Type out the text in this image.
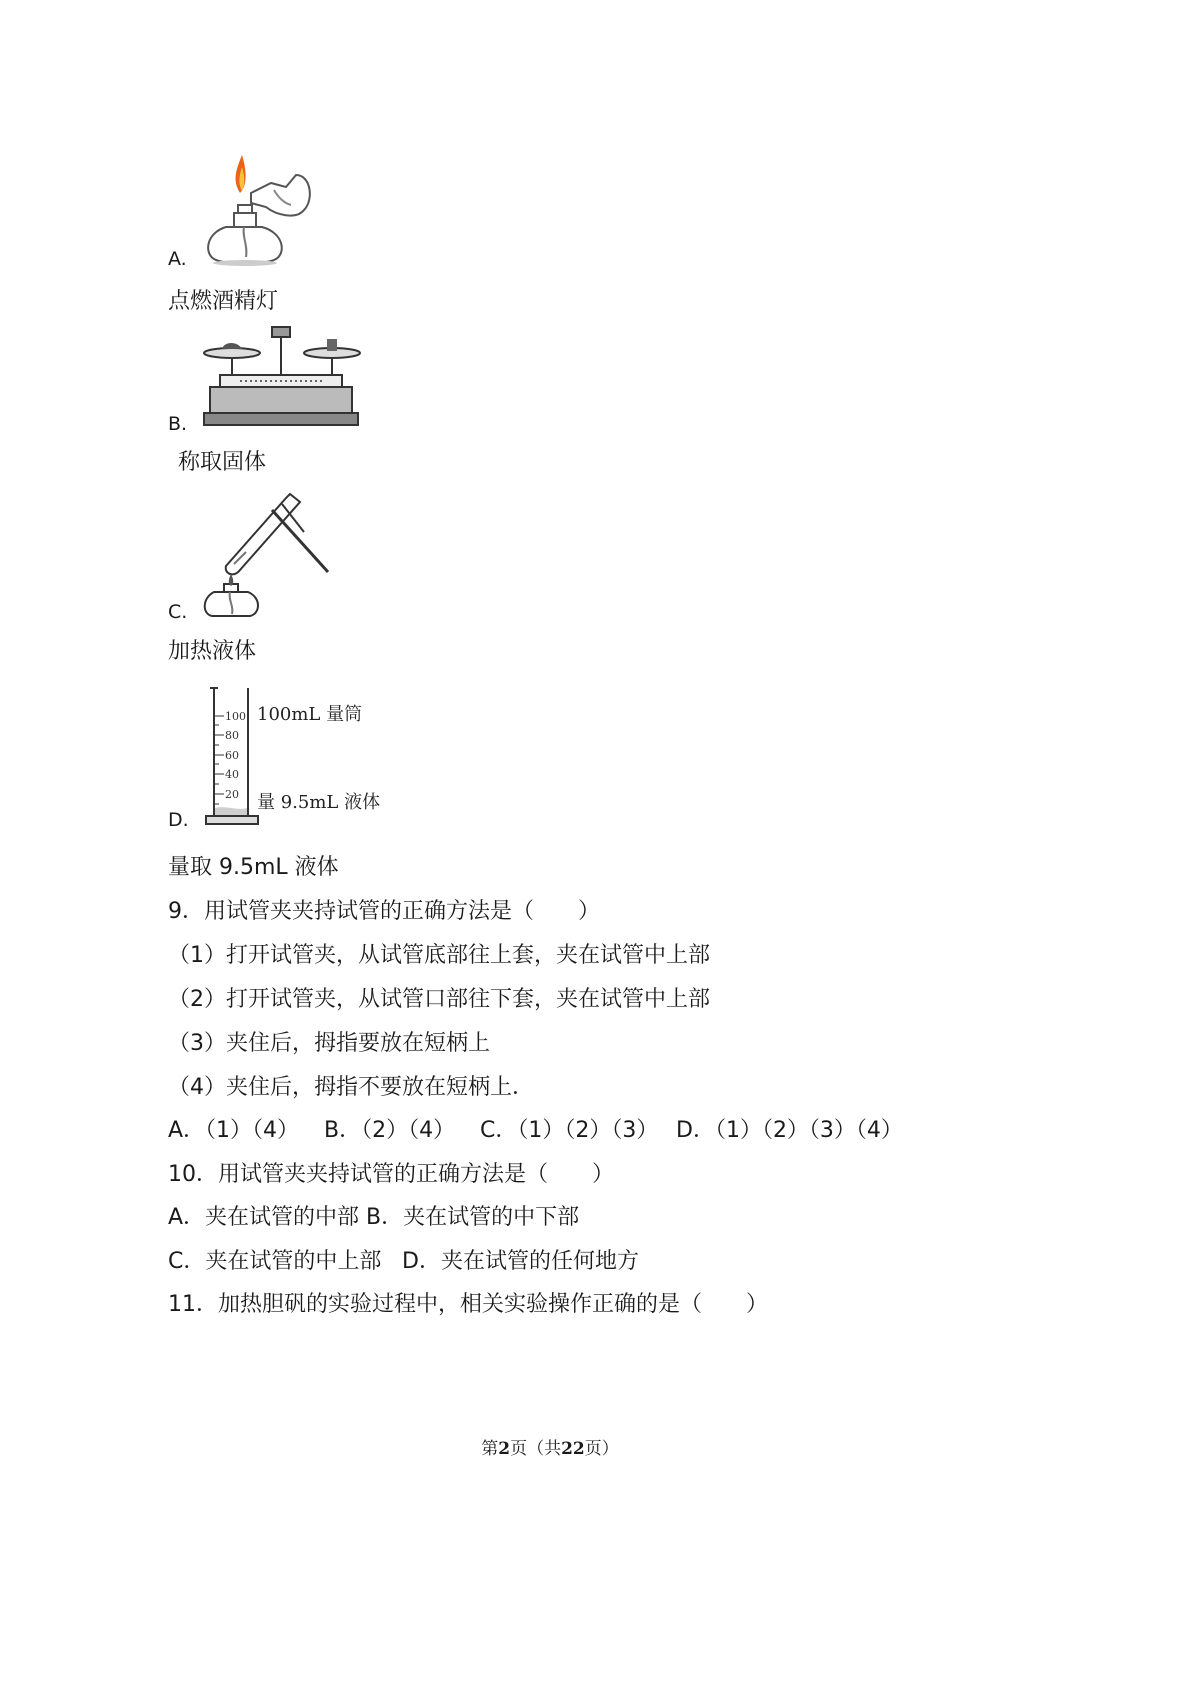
A.
点燃酒精灯
B.
称取固体
C.
加热液体
100
80
60
40
20
100mL 量筒
量 9.5mL 液体
D.
量取 9.5mL 液体
9．用试管夹夹持试管的正确方法是（　　）
（1）打开试管夹，从试管底部往上套，夹在试管中上部
（2）打开试管夹，从试管口部往下套，夹在试管中上部
（3）夹住后，拇指要放在短柄上
（4）夹住后，拇指不要放在短柄上．
A．（1）（4） B．（2）（4） C．（1）（2）（3） D．（1）（2）（3）（4）
10．用试管夹夹持试管的正确方法是（　　）
A．夹在试管的中部 B．夹在试管的中下部
C．夹在试管的中上部 D．夹在试管的任何地方
11．加热胆矾的实验过程中，相关实验操作正确的是（　　）
第2页（共22页）
